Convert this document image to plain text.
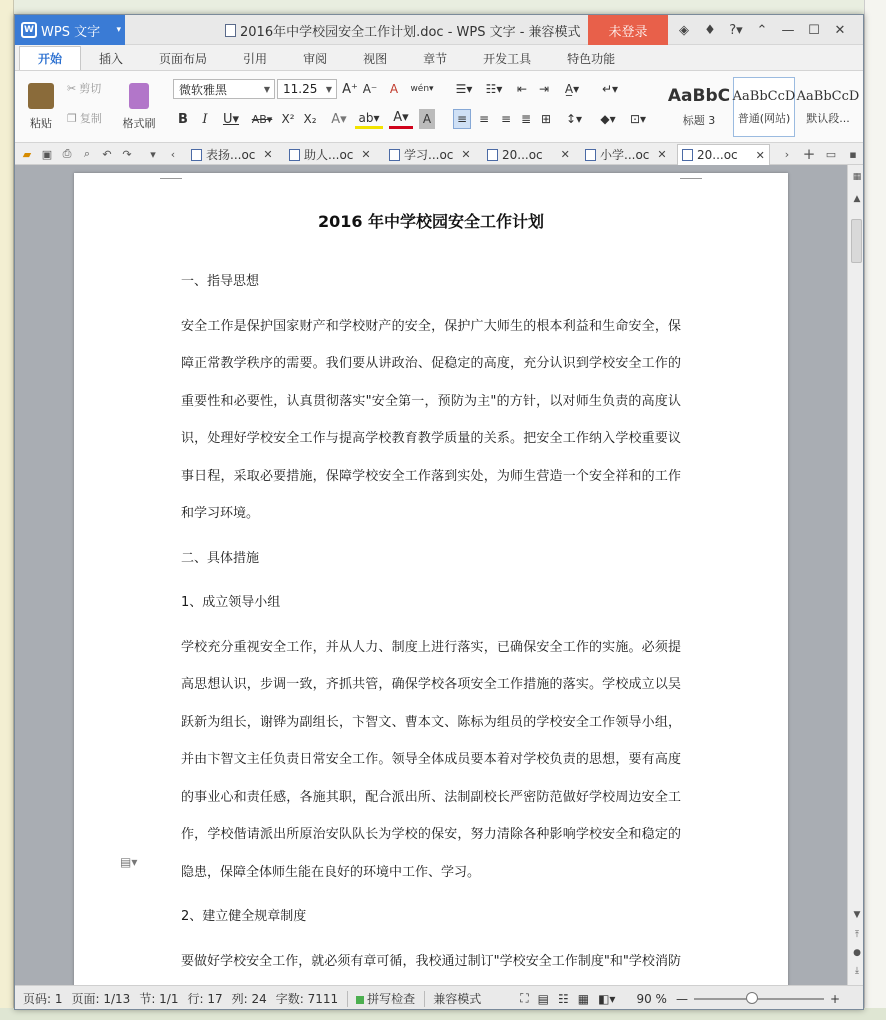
W WPS 文字 ▾	2016年中学校园安全工作计划.doc - WPS 文字 - 兼容模式	未登录	◈	♦	?▾	⌃	—	☐	✕
开始	插入	页面布局	引用	审阅	视图	章节	开发工具	特色功能
粘贴
✂ 剪切
❐ 复制 格式刷
微软雅黑	▼	11.25	▼ A⁺ A⁻	A	wén▾
B	I	U▾	AB▾ X² X₂	A▾ ab▾	A▾	A
☰▾	☷▾	⇤ ⇥	A̲▾	↵▾
≡ ≡ ≡ ≣ ⊞	↕▾	◆▾	⊡▾
AaBbC
标题 3
AaBbCcD
普通(网站)
AaBbCcD
默认段...
▰ ▣ ⎙	⌕	↶ ↷	▾	‹	表扬...oc ✕	助人...oc ✕	学习...oc ✕	20...oc ✕	小学...oc ✕	20...oc ✕	› + ▭	▪
2016 年中学校园安全工作计划
▤▾

一、指导思想

安全工作是保护国家财产和学校财产的安全，保护广大师生的根本利益和生命安全，保障正常教学秩序的需要。我们要从讲政治、促稳定的高度，充分认识到学校安全工作的重要性和必要性，认真贯彻落实"安全第一，预防为主"的方针，以对师生负责的高度认识，处理好学校安全工作与提高学校教育教学质量的关系。把安全工作纳入学校重要议事日程，采取必要措施，保障学校安全工作落到实处，为师生营造一个安全祥和的工作和学习环境。

二、具体措施

1、成立领导小组

学校充分重视安全工作，并从人力、制度上进行落实，已确保安全工作的实施。必须提高思想认识，步调一致，齐抓共管，确保学校各项安全工作措施的落实。学校成立以吴跃新为组长，谢铧为副组长，卞智文、曹本文、陈标为组员的学校安全工作领导小组，并由卞智文主任负责日常安全工作。领导全体成员要本着对学校负责的思想，要有高度的事业心和责任感，各施其职，配合派出所、法制副校长严密防范做好学校周边安全工作，学校偕请派出所原治安队队长为学校的保安，努力清除各种影响学校安全和稳定的隐患，保障全体师生能在良好的环境中工作、学习。

2、建立健全规章制度

要做好学校安全工作，就必须有章可循，我校通过制订"学校安全工作制度"和"学校消防

▦
▲
▼
⤒
●
⤓
页码: 1 页面: 1/13 节: 1/1 行: 17 列: 24 字数: 7111	拼写检查 兼容模式	⛶ ▤ ☷ ▦ ◧▾ 90 % —	+
